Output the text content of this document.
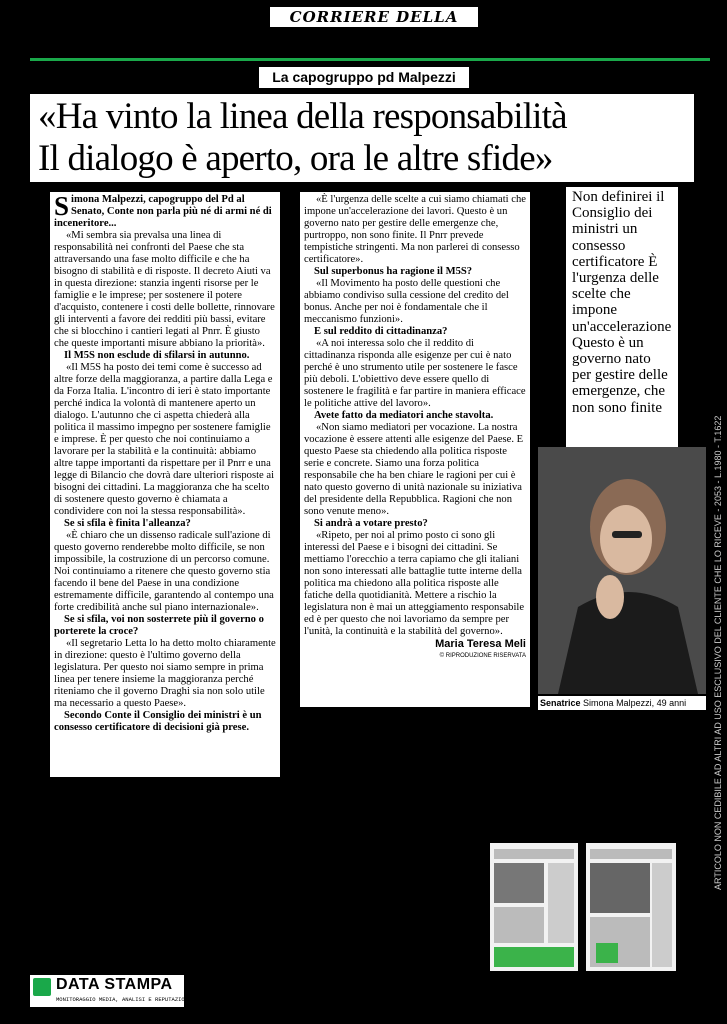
CORRIERE DELLA SERA
La capogruppo pd Malpezzi
«Ha vinto la linea della responsabilità
Il dialogo è aperto, ora le altre sfide»

Simona Malpezzi, capogruppo del Pd al Senato, Conte non parla più né di armi né di inceneritore...

«Mi sembra sia prevalsa una linea di responsabilità nei confronti del Paese che sta attraversando una fase molto difficile e che ha bisogno di stabilità e di risposte. Il decreto Aiuti va in questa direzione: stanzia ingenti risorse per le famiglie e le imprese; per sostenere il potere d'acquisto, contenere i costi delle bollette, rinnovare gli interventi a favore dei redditi più bassi, evitare che si blocchino i cantieri legati al Pnrr. È giusto che queste importanti misure abbiano la priorità».

Il M5S non esclude di sfilarsi in autunno.

«Il M5S ha posto dei temi come è successo ad altre forze della maggioranza, a partire dalla Lega e da Forza Italia. L'incontro di ieri è stato importante perché indica la volontà di mantenere aperto un dialogo. L'autunno che ci aspetta chiederà alla politica il massimo impegno per sostenere famiglie e imprese. È per questo che noi continuiamo a lavorare per la stabilità e la continuità: abbiamo altre tappe importanti da rispettare per il Pnrr e una legge di Bilancio che dovrà dare ulteriori risposte ai bisogni dei cittadini. La maggioranza che ha scelto di sostenere questo governo è chiamata a condividere con noi la stessa responsabilità».

Se si sfila è finita l'alleanza?

«È chiaro che un dissenso radicale sull'azione di questo governo renderebbe molto difficile, se non impossibile, la costruzione di un percorso comune. Noi continuiamo a ritenere che questo governo stia facendo il bene del Paese in una condizione estremamente difficile, garantendo al contempo una forte credibilità anche sul piano internazionale».

Se si sfila, voi non sosterrete più il governo o porterete la croce?

«Il segretario Letta lo ha detto molto chiaramente in direzione: questo è l'ultimo governo della legislatura. Per questo noi siamo sempre in prima linea per tenere insieme la maggioranza perché riteniamo che il governo Draghi sia non solo utile ma necessario a questo Paese».

Secondo Conte il Consiglio dei ministri è un consesso certificatore di decisioni già prese.

«È l'urgenza delle scelte a cui siamo chiamati che impone un'accelerazione dei lavori. Questo è un governo nato per gestire delle emergenze che, purtroppo, non sono finite. Il Pnrr prevede tempistiche stringenti. Ma non parlerei di consesso certificatore».

Sul superbonus ha ragione il M5S?

«Il Movimento ha posto delle questioni che abbiamo condiviso sulla cessione del credito del bonus. Anche per noi è fondamentale che il meccanismo funzioni».

E sul reddito di cittadinanza?

«A noi interessa solo che il reddito di cittadinanza risponda alle esigenze per cui è nato perché è uno strumento utile per sostenere le fasce più deboli. L'obiettivo deve essere quello di sostenere le fragilità e far partire in maniera efficace le politiche attive del lavoro».

Avete fatto da mediatori anche stavolta.

«Non siamo mediatori per vocazione. La nostra vocazione è essere attenti alle esigenze del Paese. E questo Paese sta chiedendo alla politica risposte serie e concrete. Siamo una forza politica responsabile che ha ben chiare le ragioni per cui è nato questo governo di unità nazionale su iniziativa del presidente della Repubblica. Ragioni che non sono venute meno».

Si andrà a votare presto?

«Ripeto, per noi al primo posto ci sono gli interessi del Paese e i bisogni dei cittadini. Se mettiamo l'orecchio a terra capiamo che gli italiani non sono interessati alle battaglie tutte interne della politica ma chiedono alla politica risposte alle fatiche della quotidianità. Mettere a rischio la legislatura non è mai un atteggiamento responsabile ed è per questo che noi lavoriamo da sempre per l'unità, la continuità e la stabilità del governo».

Maria Teresa Meli
© RIPRODUZIONE RISERVATA
Non definirei il Consiglio dei ministri un consesso certificatore È l'urgenza delle scelte che impone un'accelerazione Questo è un governo nato per gestire delle emergenze, che non sono finite
Senatrice Simona Malpezzi, 49 anni	ARTICOLO NON CEDIBILE AD ALTRI AD USO ESCLUSIVO DEL CLIENTE CHE LO RICEVE - 2053 - L.1980 - T.1622
DATA STAMPA
MONITORAGGIO MEDIA, ANALISI E REPUTAZIONE
